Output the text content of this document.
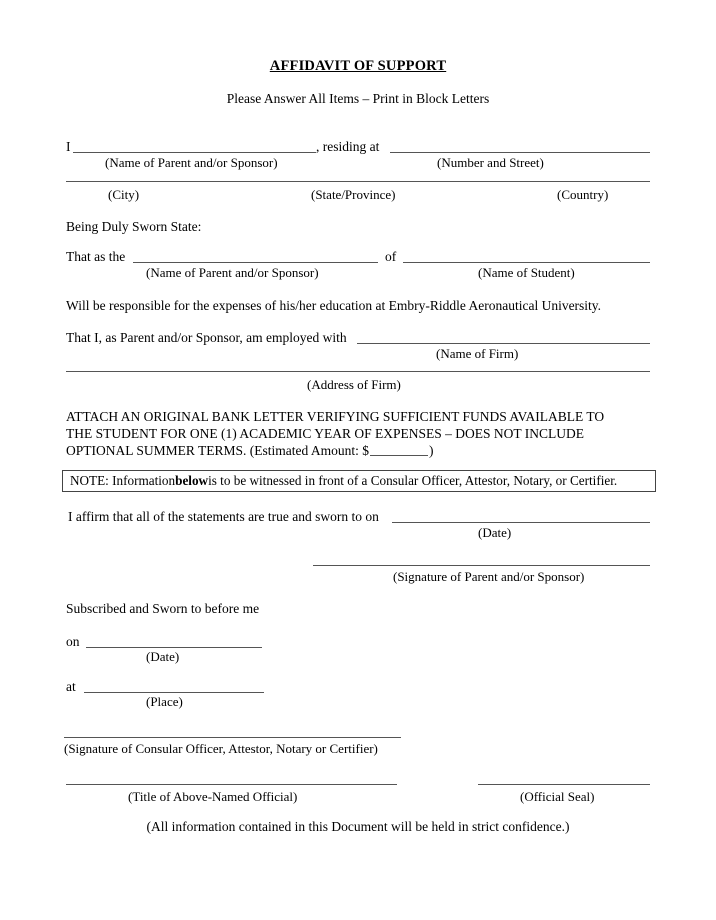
AFFIDAVIT OF SUPPORT
Please Answer All Items – Print in Block Letters
I	, residing at
(Name of Parent and/or Sponsor)	(Number and Street)
(City)	(State/Province)	(Country)
Being Duly Sworn State:
That as the	of
(Name of Parent and/or Sponsor)	(Name of Student)
Will be responsible for the expenses of his/her education at Embry-Riddle Aeronautical University.
That I, as Parent and/or Sponsor, am employed with
(Name of Firm)
(Address of Firm)
ATTACH AN ORIGINAL BANK LETTER VERIFYING SUFFICIENT FUNDS AVAILABLE TO
THE STUDENT FOR ONE (1) ACADEMIC YEAR OF EXPENSES – DOES NOT INCLUDE
OPTIONAL SUMMER TERMS. (Estimated Amount: $	)
NOTE: Information below is to be witnessed in front of a Consular Officer, Attestor, Notary, or Certifier.
I affirm that all of the statements are true and sworn to on
(Date)
(Signature of Parent and/or Sponsor)
Subscribed and Sworn to before me
on
(Date)
at
(Place)
(Signature of Consular Officer, Attestor, Notary or Certifier)
(Title of Above-Named Official)	(Official Seal)
(All information contained in this Document will be held in strict confidence.)
